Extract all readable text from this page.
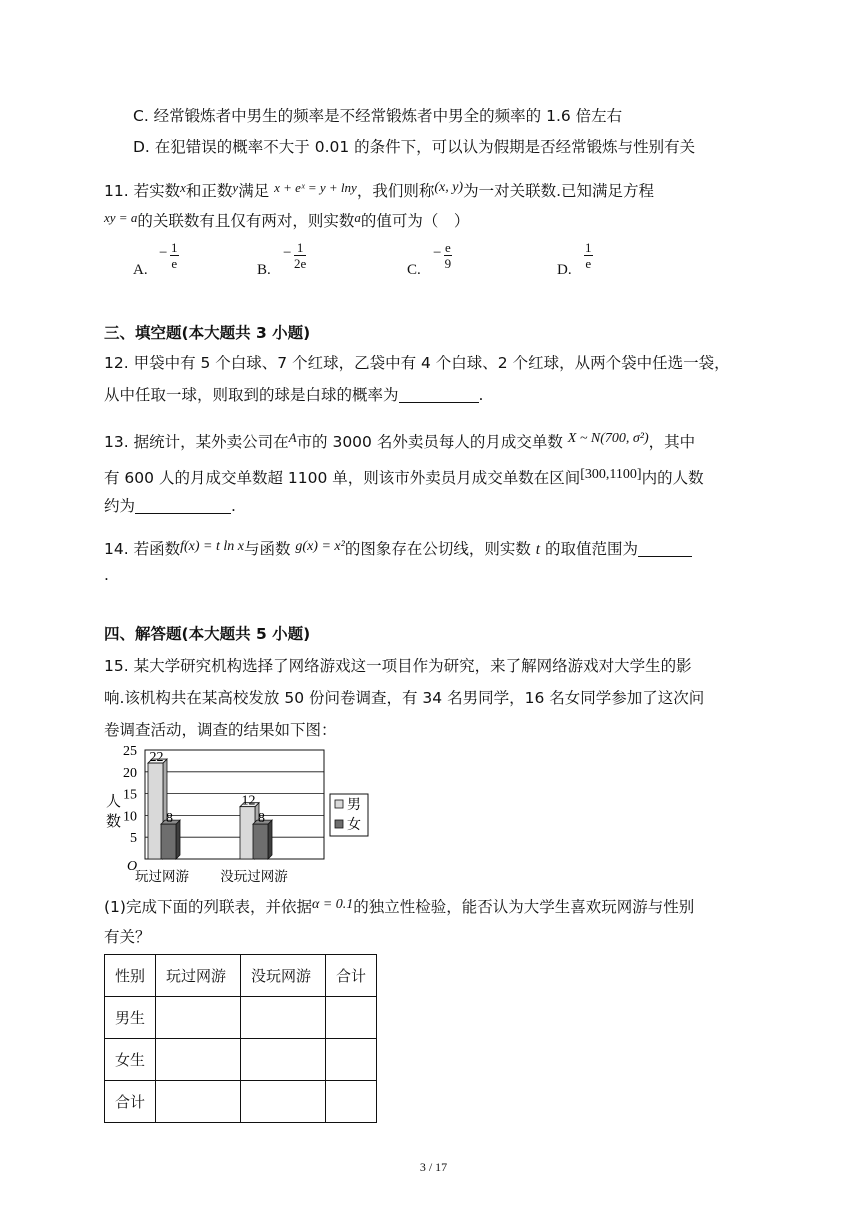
C. 经常锻炼者中男生的频率是不经常锻炼者中男全的频率的 1.6 倍左右
D. 在犯错误的概率不大于 0.01 的条件下，可以认为假期是否经常锻炼与性别有关
11. 若实数$^x$和正数$^y$满足 $^{x + eˣ = y + lny}$，我们则称(x, y)为一对关联数.已知满足方程
$^{xy = a}$的关联数有且仅有两对，则实数$^a$的值可为（　）
A.
− $\frac{1}{e}$	B.
− $\frac{1}{2e}$	C.
− $\frac{e}{9}$	D. $\frac{1}{e}$
三、填空题(本大题共 3 小题)
12. 甲袋中有 5 个白球、7 个红球，乙袋中有 4 个白球、2 个红球，从两个袋中任选一袋，
从中任取一球，则取到的球是白球的概率为	.
13. 据统计，某外卖公司在$^A$市的 3000 名外卖员每人的月成交单数 X ~ N(700, σ²)，其中
有 600 人的月成交单数超 1100 单，则该市外卖员月成交单数在区间[300,1100]内的人数
约为	.
14. 若函数f(x) = t ln x与函数 g(x) = x²的图象存在公切线，则实数 t 的取值范围为
.
四、解答题(本大题共 5 小题)
15. 某大学研究机构选择了网络游戏这一项目作为研究，来了解网络游戏对大学生的影
响.该机构共在某高校发放 50 份问卷调查，有 34 名男同学，16 名女同学参加了这次问
卷调查活动，调查的结果如下图：
5
10
15
20
25
O
人
数
22
8
玩过网游
12
8
没玩过网游
男
女
(1)完成下面的列联表，并依据α = 0.1的独立性检验，能否认为大学生喜欢玩网游与性别
有关？
性别	玩过网游	没玩网游	合计
男生			
女生			
合计			
3 / 17
